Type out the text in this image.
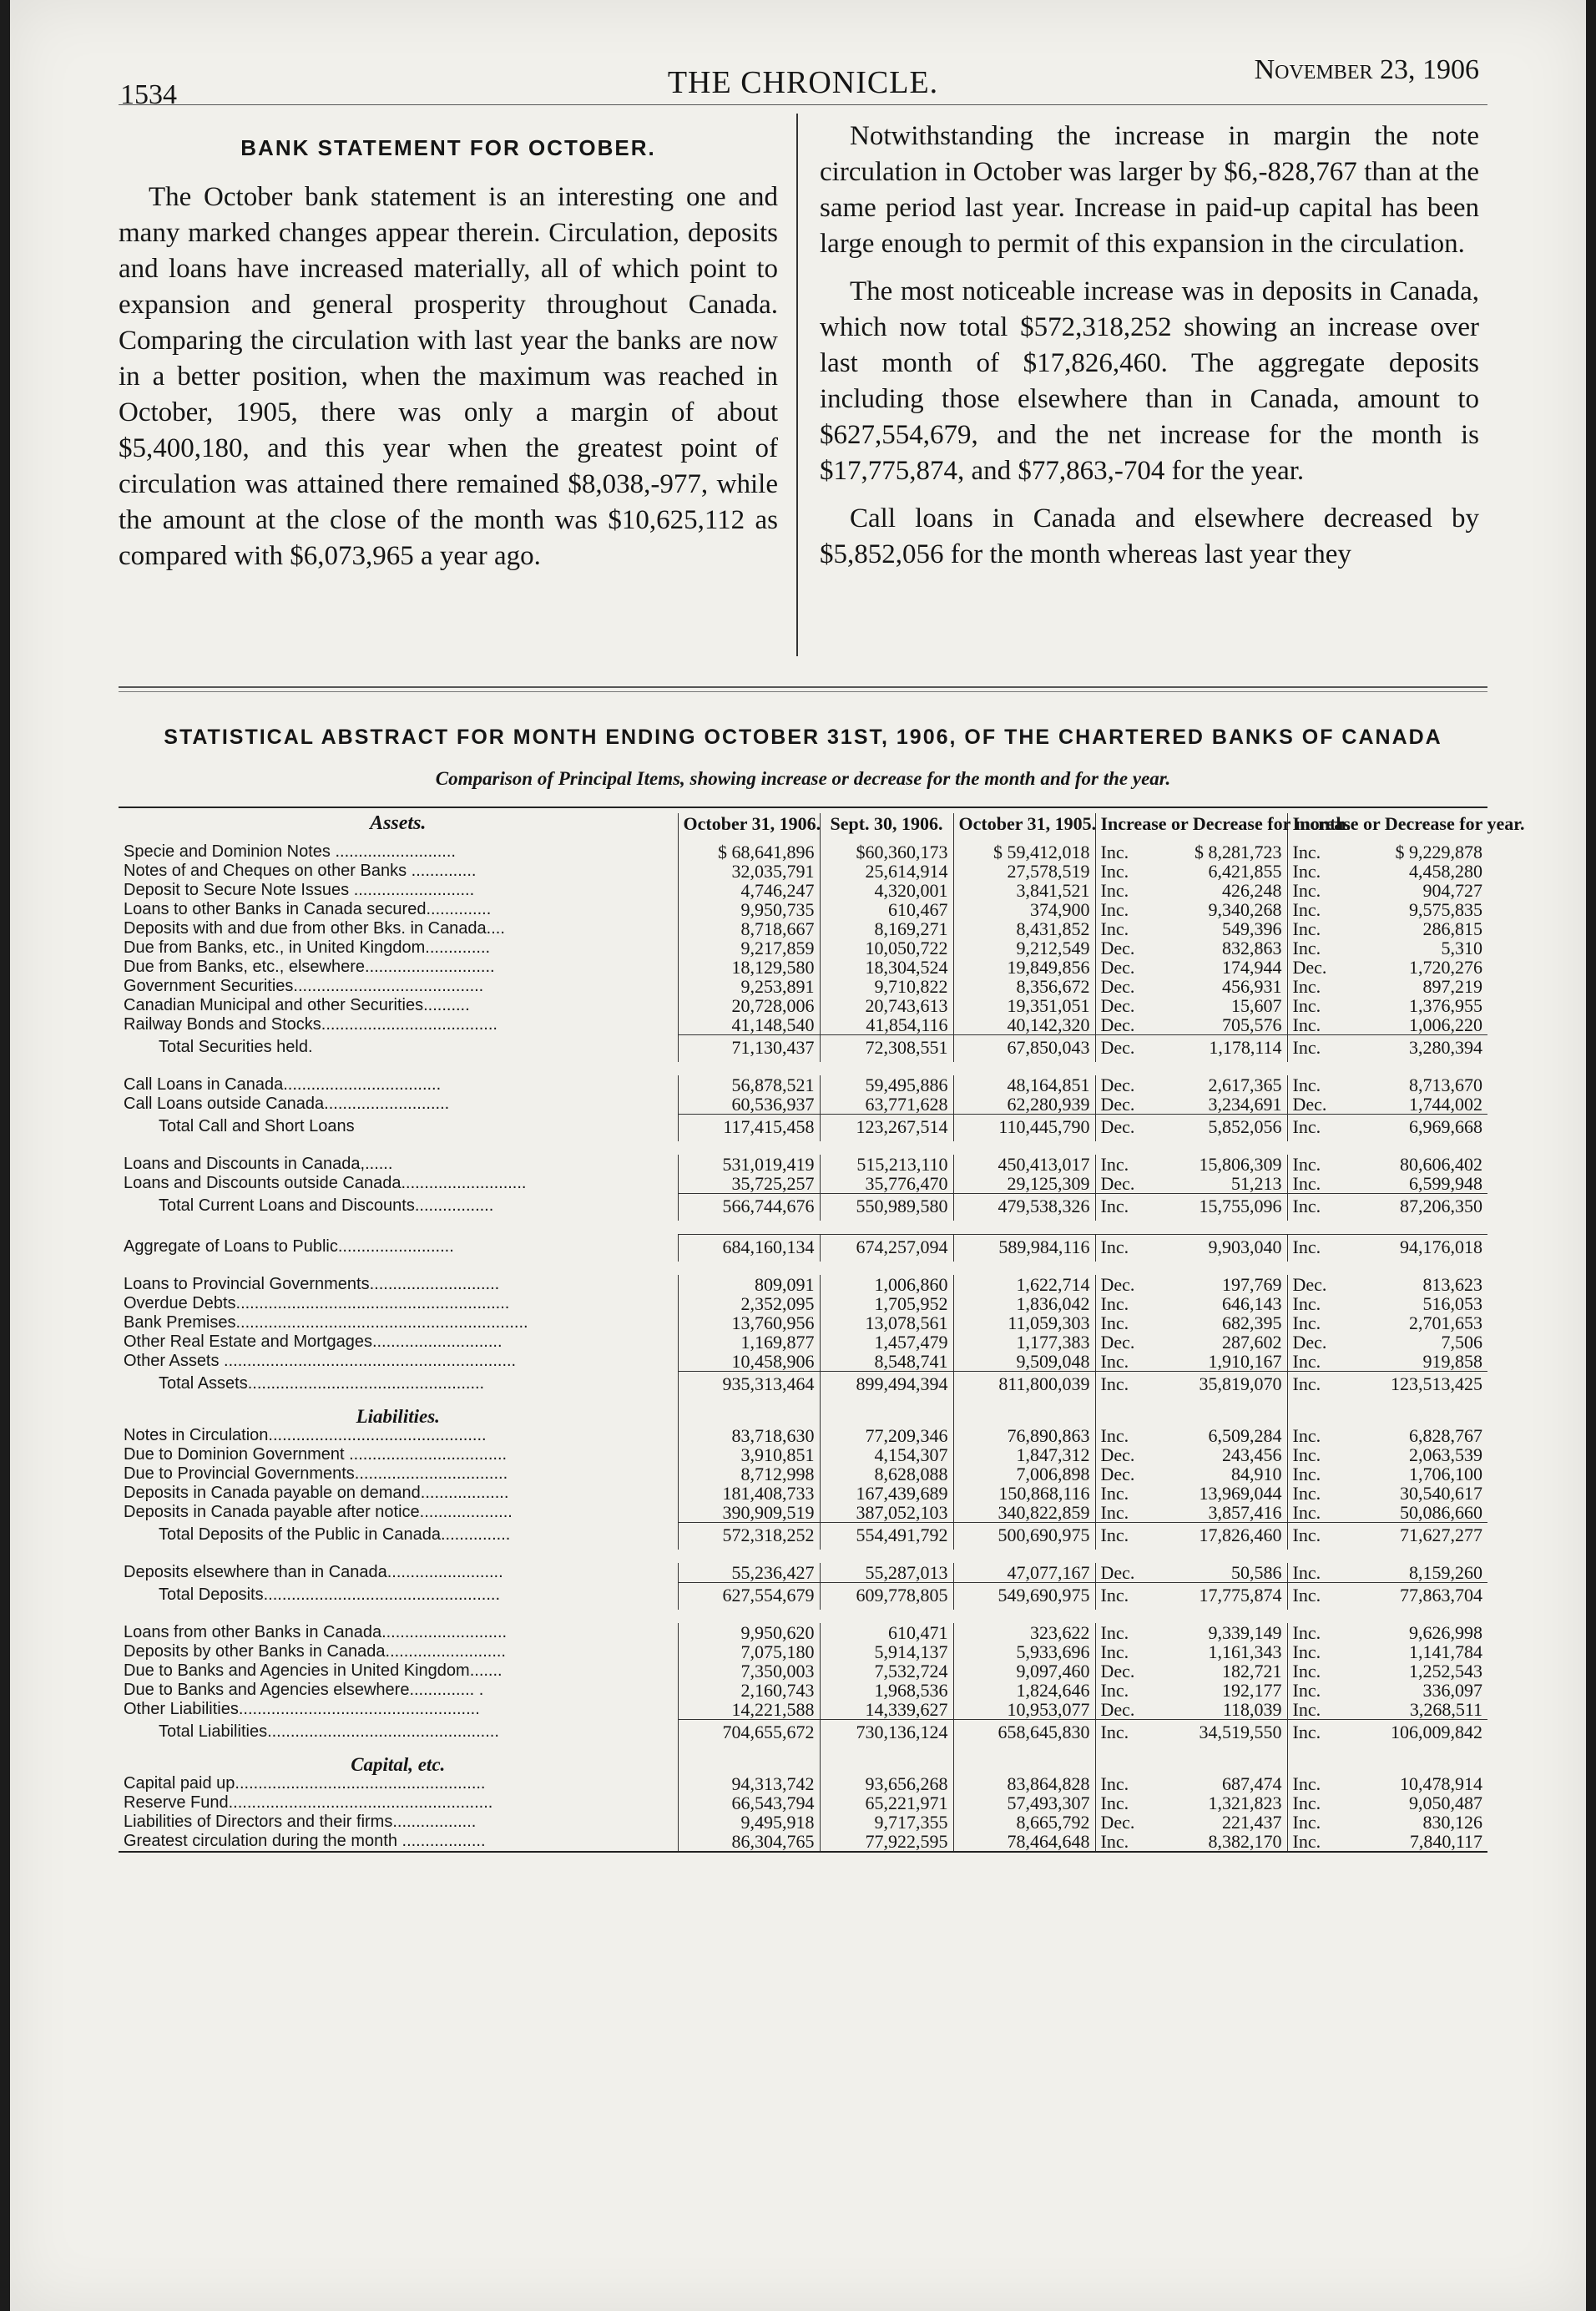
1534	THE CHRONICLE.	November 23, 1906
BANK STATEMENT FOR OCTOBER.

The October bank statement is an interesting one and many marked changes appear therein. Circulation, deposits and loans have increased materially, all of which point to expansion and general prosperity throughout Canada. Comparing the circulation with last year the banks are now in a better position, when the maximum was reached in October, 1905, there was only a margin of about $5,400,180, and this year when the greatest point of circulation was attained there remained $8,038,-977, while the amount at the close of the month was $10,625,112 as compared with $6,073,965 a year ago.

Notwithstanding the increase in margin the note circulation in October was larger by $6,-828,767 than at the same period last year. Increase in paid-up capital has been large enough to permit of this expansion in the circulation.

The most noticeable increase was in deposits in Canada, which now total $572,318,252 showing an increase over last month of $17,826,460. The aggregate deposits including those elsewhere than in Canada, amount to $627,554,679, and the net increase for the month is $17,775,874, and $77,863,-704 for the year.

Call loans in Canada and elsewhere decreased by $5,852,056 for the month whereas last year they

STATISTICAL ABSTRACT FOR MONTH ENDING OCTOBER 31ST, 1906, OF THE CHARTERED BANKS OF CANADA
Comparison of Principal Items, showing increase or decrease for the month and for the year.

Assets.	October 31, 1906.	Sept. 30, 1906.	October 31, 1905.	Increase or Decrease for month.	Increase or Decrease for year.
Specie and Dominion Notes ..........................	$ 68,641,896	$60,360,173	$ 59,412,018	Inc. $ 8,281,723	Inc. $ 9,229,878

Notes of and Cheques on other Banks ..............	32,035,791	25,614,914	27,578,519	Inc. 6,421,855	Inc. 4,458,280

Deposit to Secure Note Issues ..........................	4,746,247	4,320,001	3,841,521	Inc. 426,248	Inc. 904,727

Loans to other Banks in Canada secured..............	9,950,735	610,467	374,900	Inc. 9,340,268	Inc. 9,575,835

Deposits with and due from other Bks. in Canada....	8,718,667	8,169,271	8,431,852	Inc. 549,396	Inc. 286,815

Due from Banks, etc., in United Kingdom..............	9,217,859	10,050,722	9,212,549	Dec. 832,863	Inc. 5,310

Due from Banks, etc., elsewhere............................	18,129,580	18,304,524	19,849,856	Dec. 174,944	Dec. 1,720,276

Government Securities.........................................	9,253,891	9,710,822	8,356,672	Dec. 456,931	Inc. 897,219

Canadian Municipal and other Securities..........	20,728,006	20,743,613	19,351,051	Dec. 15,607	Inc. 1,376,955

Railway Bonds and Stocks......................................	41,148,540	41,854,116	40,142,320	Dec. 705,576	Inc. 1,006,220

Total Securities held.	71,130,437	72,308,551	67,850,043	Dec. 1,178,114	Inc. 3,280,394

Call Loans in Canada..................................	56,878,521	59,495,886	48,164,851	Dec. 2,617,365	Inc. 8,713,670

Call Loans outside Canada...........................	60,536,937	63,771,628	62,280,939	Dec. 3,234,691	Dec. 1,744,002

Total Call and Short Loans	117,415,458	123,267,514	110,445,790	Dec. 5,852,056	Inc. 6,969,668

Loans and Discounts in Canada,......	531,019,419	515,213,110	450,413,017	Inc. 15,806,309	Inc. 80,606,402

Loans and Discounts outside Canada...........................	35,725,257	35,776,470	29,125,309	Dec. 51,213	Inc. 6,599,948

Total Current Loans and Discounts.................	566,744,676	550,989,580	479,538,326	Inc. 15,755,096	Inc. 87,206,350

Aggregate of Loans to Public.........................	684,160,134	674,257,094	589,984,116	Inc. 9,903,040	Inc. 94,176,018

Loans to Provincial Governments............................	809,091	1,006,860	1,622,714	Dec. 197,769	Dec. 813,623

Overdue Debts...........................................................	2,352,095	1,705,952	1,836,042	Inc. 646,143	Inc. 516,053

Bank Premises...............................................................	13,760,956	13,078,561	11,059,303	Inc. 682,395	Inc. 2,701,653

Other Real Estate and Mortgages............................	1,169,877	1,457,479	1,177,383	Dec. 287,602	Dec. 7,506

Other Assets ...............................................................	10,458,906	8,548,741	9,509,048	Inc. 1,910,167	Inc. 919,858

Total Assets...................................................	935,313,464	899,494,394	811,800,039	Inc. 35,819,070	Inc. 123,513,425

Liabilities.					
Notes in Circulation...............................................	83,718,630	77,209,346	76,890,863	Inc. 6,509,284	Inc. 6,828,767

Due to Dominion Government ..................................	3,910,851	4,154,307	1,847,312	Dec. 243,456	Inc. 2,063,539

Due to Provincial Governments.................................	8,712,998	8,628,088	7,006,898	Dec. 84,910	Inc. 1,706,100

Deposits in Canada payable on demand...................	181,408,733	167,439,689	150,868,116	Inc. 13,969,044	Inc. 30,540,617

Deposits in Canada payable after notice....................	390,909,519	387,052,103	340,822,859	Inc. 3,857,416	Inc. 50,086,660

Total Deposits of the Public in Canada...............	572,318,252	554,491,792	500,690,975	Inc. 17,826,460	Inc. 71,627,277

Deposits elsewhere than in Canada.........................	55,236,427	55,287,013	47,077,167	Dec. 50,586	Inc. 8,159,260

Total Deposits...................................................	627,554,679	609,778,805	549,690,975	Inc. 17,775,874	Inc. 77,863,704

Loans from other Banks in Canada...........................	9,950,620	610,471	323,622	Inc. 9,339,149	Inc. 9,626,998

Deposits by other Banks in Canada..........................	7,075,180	5,914,137	5,933,696	Inc. 1,161,343	Inc. 1,141,784

Due to Banks and Agencies in United Kingdom.......	7,350,003	7,532,724	9,097,460	Dec. 182,721	Inc. 1,252,543

Due to Banks and Agencies elsewhere.............. .	2,160,743	1,968,536	1,824,646	Inc. 192,177	Inc. 336,097

Other Liabilities....................................................	14,221,588	14,339,627	10,953,077	Dec. 118,039	Inc. 3,268,511

Total Liabilities..................................................	704,655,672	730,136,124	658,645,830	Inc. 34,519,550	Inc. 106,009,842

Capital, etc.					
Capital paid up......................................................	94,313,742	93,656,268	83,864,828	Inc. 687,474	Inc. 10,478,914

Reserve Fund.........................................................	66,543,794	65,221,971	57,493,307	Inc. 1,321,823	Inc. 9,050,487

Liabilities of Directors and their firms..................	9,495,918	9,717,355	8,665,792	Dec. 221,437	Inc. 830,126

Greatest circulation during the month ..................	86,304,765	77,922,595	78,464,648	Inc. 8,382,170	Inc. 7,840,117
